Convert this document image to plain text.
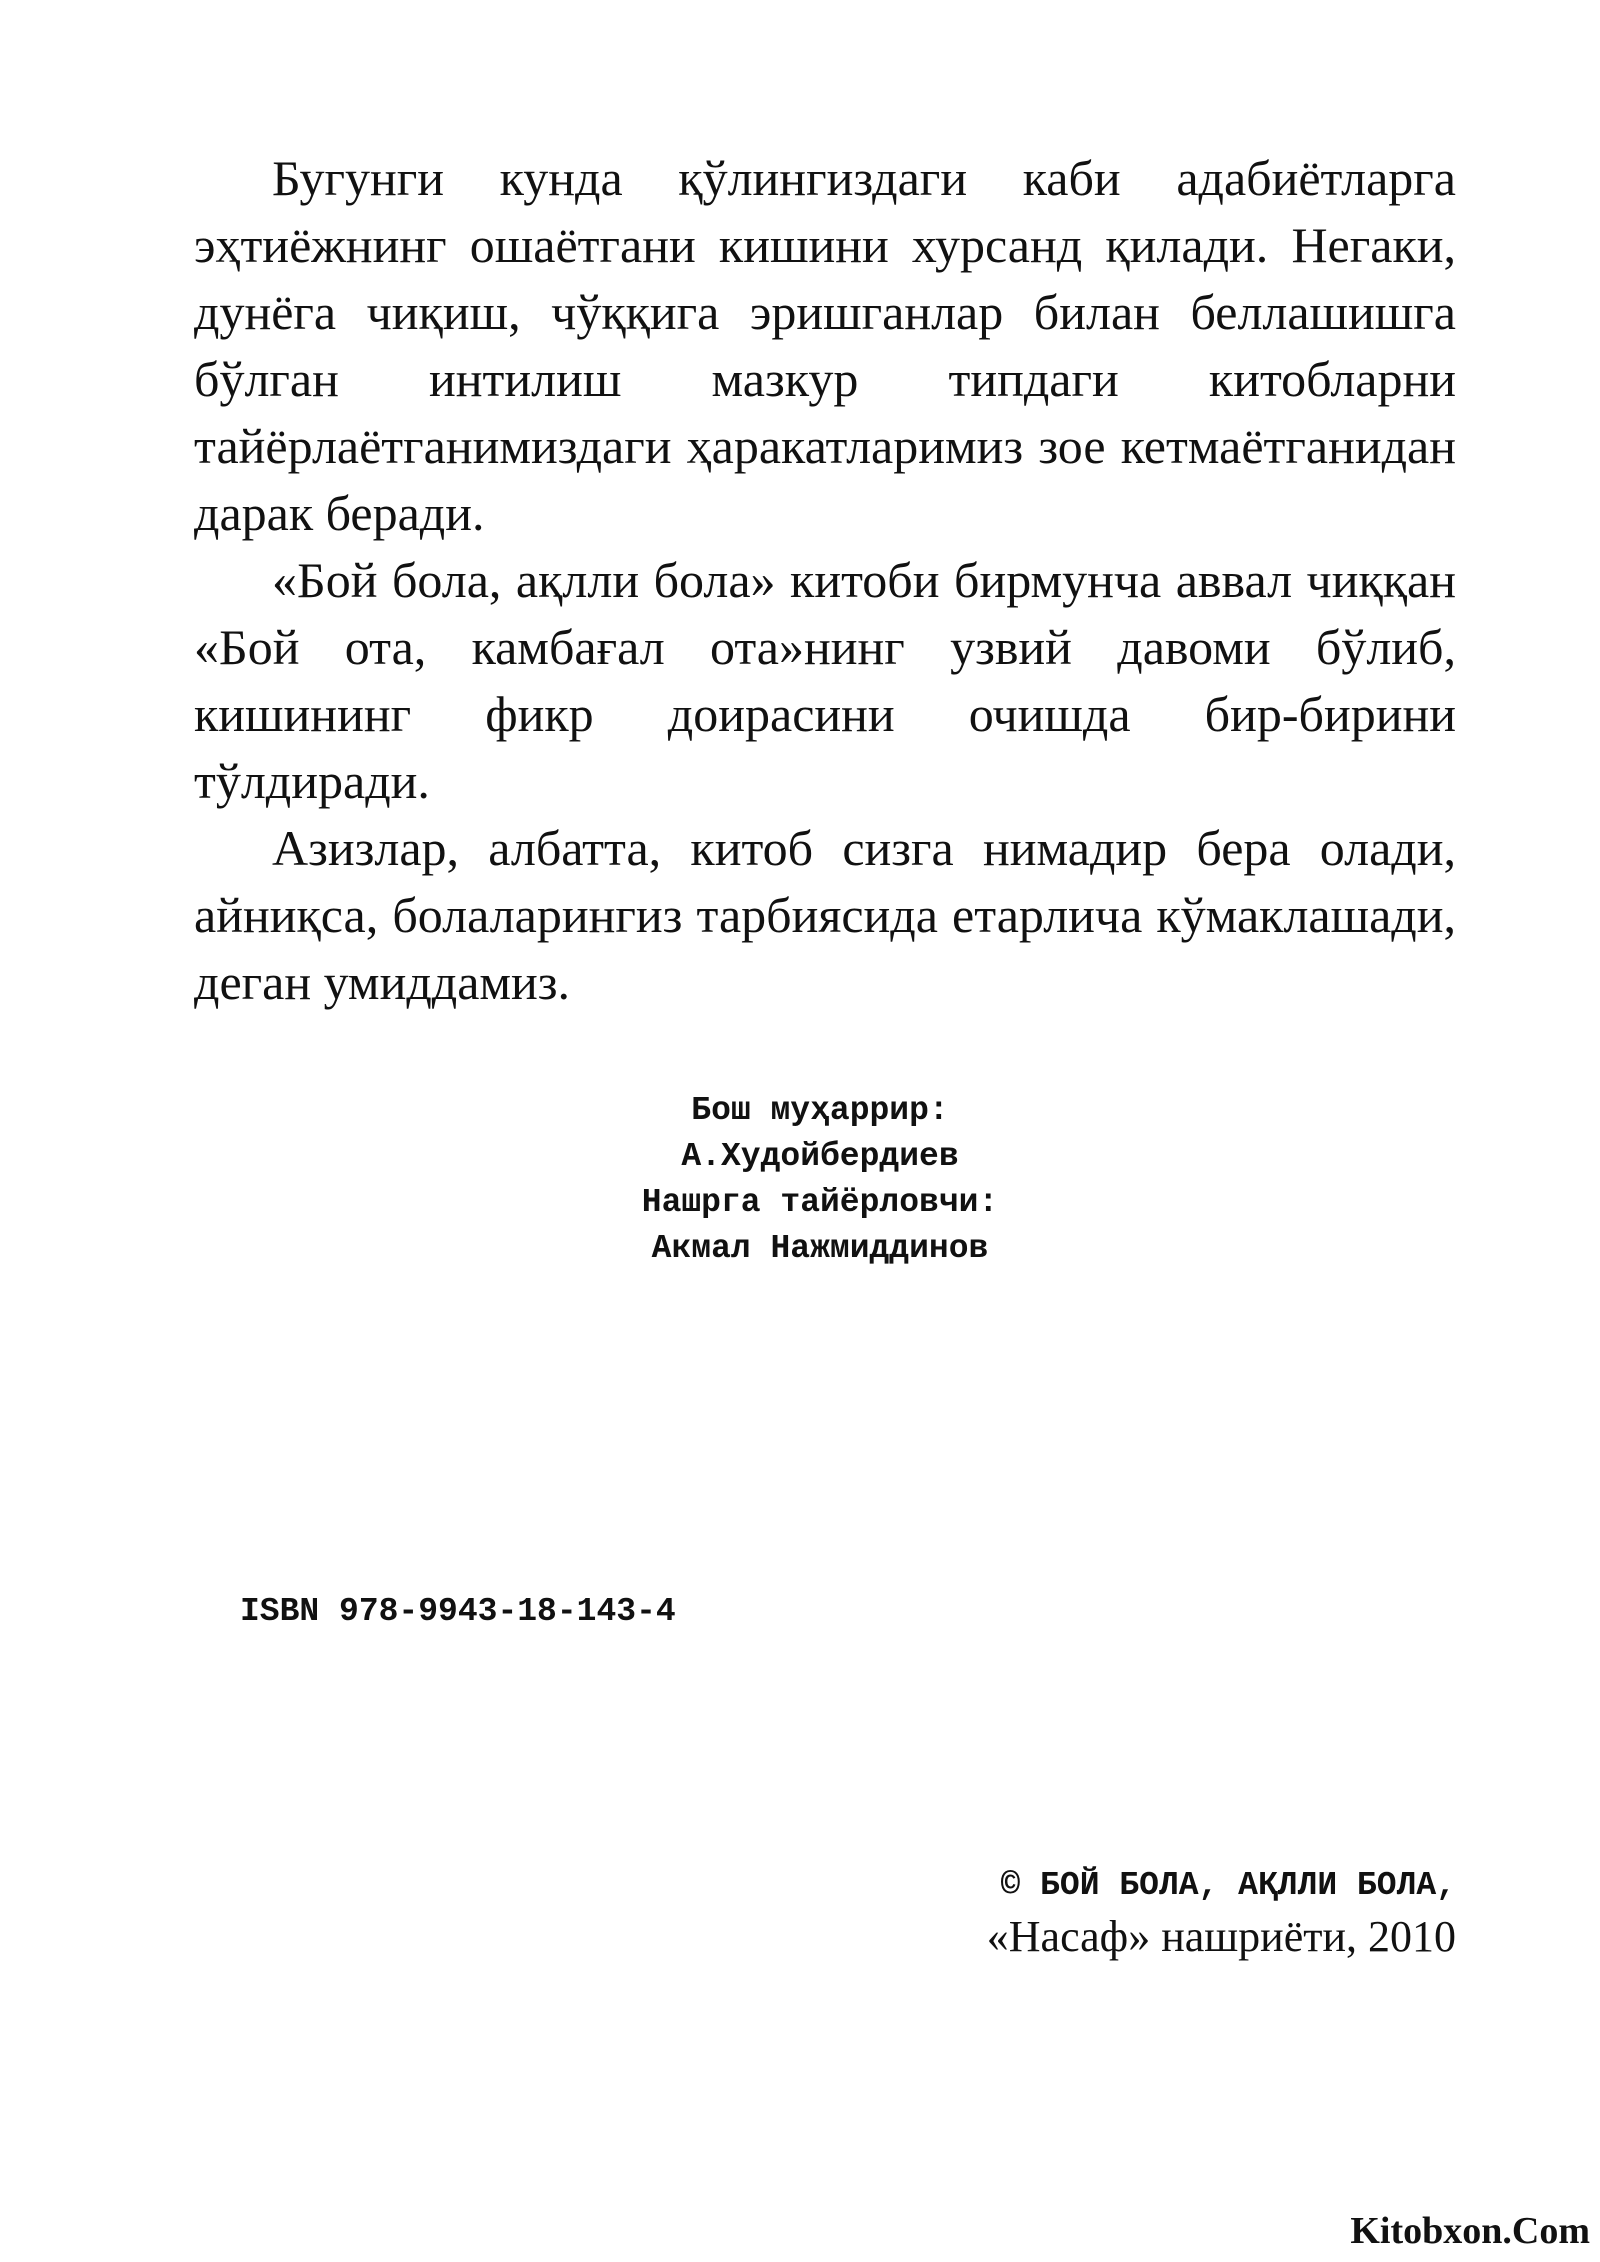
Бугунги кунда қўлингиздаги каби адабиётларга эҳтиёжнинг ошаётгани кишини хурсанд қилади. Негаки, дунёга чиқиш, чўққига эришганлар билан беллашишга бўлган интилиш мазкур типдаги китобларни тайёрлаётганимиздаги ҳаракатларимиз зое кетмаётганидан дарак беради.

«Бой бола, ақлли бола» китоби бирмунча аввал чиққан «Бой ота, камбағал ота»нинг узвий давоми бўлиб, кишининг фикр доирасини очишда бир-бирини тўлдиради.

Азизлар, албатта, китоб сизга нимадир бера олади, айниқса, болаларингиз тарбиясида етарлича кўмаклашади, деган умиддамиз.

Бош муҳаррир:
А.Худойбердиев
Нашрга тайёрловчи:
Акмал Нажмиддинов
ISBN 978-9943-18-143-4
© БОЙ БОЛА, АҚЛЛИ БОЛА,
«Насаф» нашриёти, 2010
Kitobxon.Com
